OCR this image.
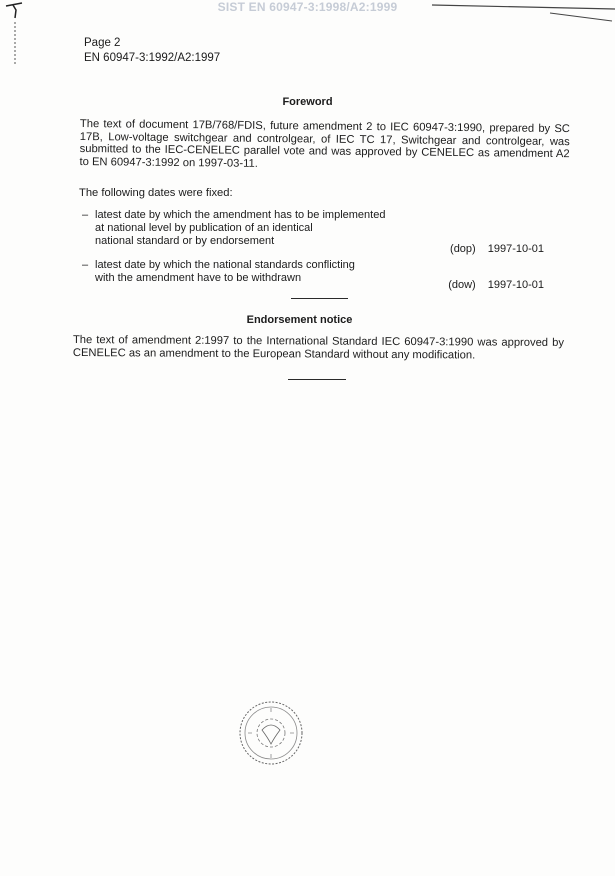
SIST EN 60947-3:1998/A2:1999
Page 2
EN 60947-3:1992/A2:1997
Foreword
The text of document 17B/768/FDIS, future amendment 2 to IEC 60947-3:1990, prepared by SC 17B, Low-voltage switchgear and controlgear, of IEC TC 17, Switchgear and controlgear, was submitted to the IEC-CENELEC parallel vote and was approved by CENELEC as amendment A2 to EN 60947-3:1992 on 1997-03-11.
The following dates were fixed:
– latest date by which the amendment has to be implemented
at national level by publication of an identical
national standard or by endorsement
(dop) 1997-10-01
– latest date by which the national standards conflicting
with the amendment have to be withdrawn
(dow) 1997-10-01
Endorsement notice
The text of amendment 2:1997 to the International Standard IEC 60947-3:1990 was approved by CENELEC as an amendment to the European Standard without any modification.
